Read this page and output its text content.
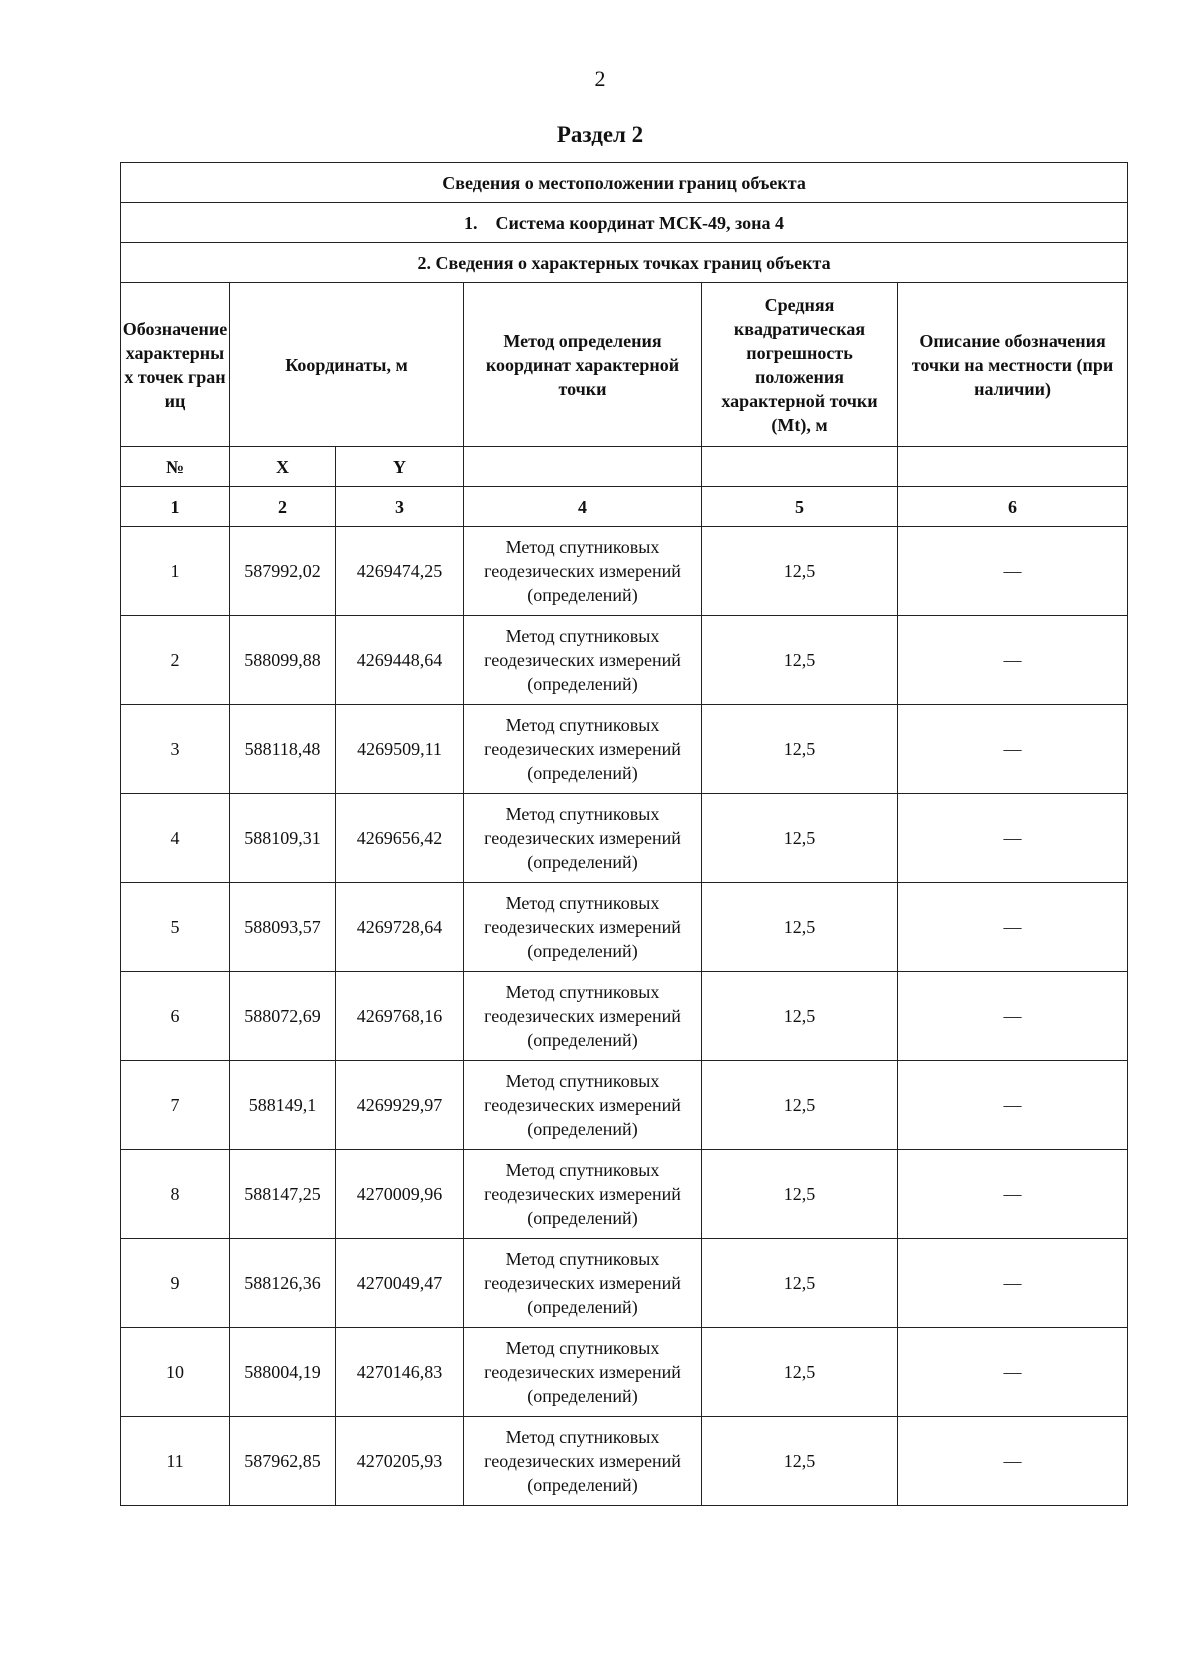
2
Раздел 2
Сведения о местоположении границ объекта					
1. Система координат МСК-49, зона 4					
2. Сведения о характерных точках границ объекта					
Обозначение характерных точек границ	Координаты, м		Метод определения координат характерной точки	Средняя квадратическая погрешность положения характерной точки (Mt), м	Описание обозначения точки на местности (при наличии)
№	X	Y			
1	2	3	4	5	6
1	587992,02	4269474,25	Метод спутниковых геодезических измерений (определений)	12,5	—
2	588099,88	4269448,64	Метод спутниковых геодезических измерений (определений)	12,5	—
3	588118,48	4269509,11	Метод спутниковых геодезических измерений (определений)	12,5	—
4	588109,31	4269656,42	Метод спутниковых геодезических измерений (определений)	12,5	—
5	588093,57	4269728,64	Метод спутниковых геодезических измерений (определений)	12,5	—
6	588072,69	4269768,16	Метод спутниковых геодезических измерений (определений)	12,5	—
7	588149,1	4269929,97	Метод спутниковых геодезических измерений (определений)	12,5	—
8	588147,25	4270009,96	Метод спутниковых геодезических измерений (определений)	12,5	—
9	588126,36	4270049,47	Метод спутниковых геодезических измерений (определений)	12,5	—
10	588004,19	4270146,83	Метод спутниковых геодезических измерений (определений)	12,5	—
11	587962,85	4270205,93	Метод спутниковых геодезических измерений (определений)	12,5	—
